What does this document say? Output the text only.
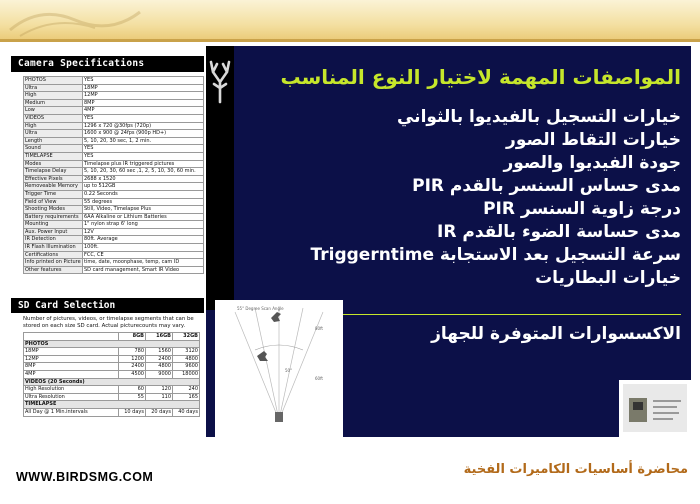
Camera Specifications
PHOTOS	YES
Ultra	18MP
High	12MP
Medium	8MP
Low	4MP
VIDEOS	YES
High	1296 x 720 @30fps (720p)
Ultra	1600 x 900 @ 24fps (900p HD+)
Length	5, 10, 20, 30 sec, 1, 2 min.
Sound	YES
TIMELAPSE	YES
Modes	Timelapse plus IR triggered pictures
Timelapse Delay	5, 10, 20, 30, 60 sec ,1, 2, 5, 10, 30, 60 min.
Effective Pixels	2688 x 1520
Removeable Memory	up to 512GB
Trigger Time	0.22 Seconds
Field of View	55 degrees
Shooting Modes	Still, Video, Timelapse Plus
Battery requirements	6AA Alkaline or Lithium Batteries
Mounting	1" nylon strap 6' long
Aux. Power Input	12V
IR Detection	80ft. Average
IR Flash Illumination	100ft.
Certifications	FCC, CE
Info printed on Picture	time, date, moonphase, temp, cam ID
Other features	SD card management, Smart IR Video
SD Card Selection
Number of pictures, videos, or timelapse segments that can be stored on each size SD card. Actual picturecounts may vary.
	8GB	16GB	32GB
PHOTOS			
18MP	780	1560	3120
12MP	1200	2400	4800
8MP	2400	4800	9600
4MP	4500	9000	18000
VIDEOS (20 Seconds)			
High Resolution	60	120	240
Ultra Resolution	55	110	165
TIMELAPSE			
All Day @ 1 Min.intervals	10 days	20 days	40 days
المواصفات المهمة لاختيار النوع المناسب
خيارات التسجيل بالفيديوا بالثواني
خيارات التقاط الصور
جودة الفيديوا والصور
مدى حساس السنسر بالقدم PIR
درجة زاوية السنسر PIR
مدى حساسة الضوء بالقدم IR
سرعة التسجيل بعد الاستجابة Triggerntime
خيارات البطاريات
الاكسسوارات المتوفرة للجهاز
55° Degree Scan Angle
80ft
60ft
50°
WWW.BIRDSMG.COM	محاضرة أساسيات الكاميرات الفخية
